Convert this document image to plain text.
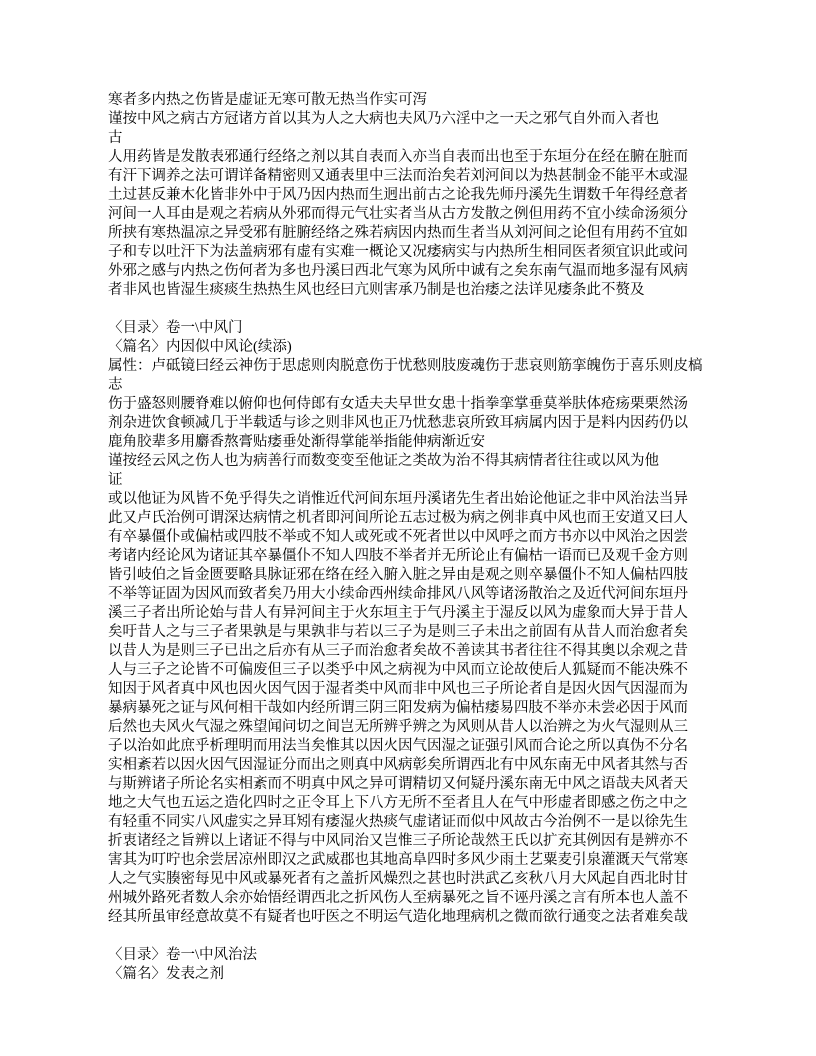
寒者多内热之伤皆是虚证无寒可散无热当作实可泻
谨按中风之病古方冠诸方首以其为人之大病也夫风乃六淫中之一天之邪气自外而入者也
古
人用药皆是发散表邪通行经络之剂以其自表而入亦当自表而出也至于东垣分在经在腑在脏而
有汗下调养之法可谓详备精密则又通表里中三法而治矣若刘河间以为热甚制金不能平木或湿
土过甚反兼木化皆非外中于风乃因内热而生迥出前古之论我先师丹溪先生谓数千年得经意者
河间一人耳由是观之若病从外邪而得元气壮实者当从古方发散之例但用药不宜小续命汤须分
所挟有寒热温凉之异受邪有脏腑经络之殊若病因内热而生者当从刘河间之论但有用药不宜如
子和专以吐汗下为法盖病邪有虚有实难一概论又况痿病实与内热所生相同医者须宜识此或问
外邪之感与内热之伤何者为多也丹溪曰西北气寒为风所中诚有之矣东南气温而地多湿有风病
者非风也皆湿生痰痰生热热生风也经曰亢则害承乃制是也治痿之法详见痿条此不赘及
〈目录〉卷一\中风门
〈篇名〉内因似中风论(续添)
属性：卢砥镜曰经云神伤于思虑则肉脱意伤于忧愁则肢废魂伤于悲哀则筋挛魄伤于喜乐则皮槁
志
伤于盛怒则腰脊难以俯仰也何侍郎有女适夫夫早世女患十指拳挛掌垂莫举肤体疮疡栗栗然汤
剂杂进饮食顿减几于半载适与诊之则非风也正乃忧愁悲哀所致耳病属内因于是料内因药仍以
鹿角胶辈多用麝香熬膏贴痿垂处渐得掌能举指能伸病渐近安
谨按经云风之伤人也为病善行而数变变至他证之类故为治不得其病情者往往或以风为他
证
或以他证为风皆不免乎得失之诮惟近代河间东垣丹溪诸先生者出始论他证之非中风治法当异
此又卢氏治例可谓深达病情之机者即河间所论五志过极为病之例非真中风也而王安道又曰人
有卒暴僵仆或偏枯或四肢不举或不知人或死或不死者世以中风呼之而方书亦以中风治之因尝
考诸内经论风为诸证其卒暴僵仆不知人四肢不举者并无所论止有偏枯一语而已及观千金方则
皆引岐伯之旨金匮要略具脉证邪在络在经入腑入脏之异由是观之则卒暴僵仆不知人偏枯四肢
不举等证固为因风而致者矣乃用大小续命西州续命排风八风等诸汤散治之及近代河间东垣丹
溪三子者出所论始与昔人有异河间主于火东垣主于气丹溪主于湿反以风为虚象而大异于昔人
矣吁昔人之与三子者果孰是与果孰非与若以三子为是则三子未出之前固有从昔人而治愈者矣
以昔人为是则三子已出之后亦有从三子而治愈者矣故不善读其书者往往不得其奥以余观之昔
人与三子之论皆不可偏废但三子以类乎中风之病视为中风而立论故使后人狐疑而不能决殊不
知因于风者真中风也因火因气因于湿者类中风而非中风也三子所论者自是因火因气因湿而为
暴病暴死之证与风何相干哉如内经所谓三阴三阳发病为偏枯痿易四肢不举亦未尝必因于风而
后然也夫风火气湿之殊望闻问切之间岂无所辨乎辨之为风则从昔人以治辨之为火气湿则从三
子以治如此庶乎析理明而用法当矣惟其以因火因气因湿之证强引风而合论之所以真伪不分名
实相紊若以因火因气因湿证分而出之则真中风病彰矣所谓西北有中风东南无中风者其然与否
与斯辨诸子所论名实相紊而不明真中风之异可谓精切又何疑丹溪东南无中风之语哉夫风者天
地之大气也五运之造化四时之正令耳上下八方无所不至者且人在气中形虚者即感之伤之中之
有轻重不同实八风虚实之异耳矧有痿湿火热痰气虚诸证而似中风故古今治例不一是以徐先生
折衷诸经之旨辨以上诸证不得与中风同治又岂惟三子所论哉然王氏以扩充其例因有是辨亦不
害其为叮咛也余尝居凉州即汉之武威郡也其地高阜四时多风少雨土艺粟麦引泉灌溉天气常寒
人之气实腠密每见中风或暴死者有之盖折风燥烈之甚也时洪武乙亥秋八月大风起自西北时甘
州城外路死者数人余亦始悟经谓西北之折风伤人至病暴死之旨不诬丹溪之言有所本也人盖不
经其所虽审经意故莫不有疑者也吁医之不明运气造化地理病机之微而欲行通变之法者难矣哉
〈目录〉卷一\中风治法
〈篇名〉发表之剂
